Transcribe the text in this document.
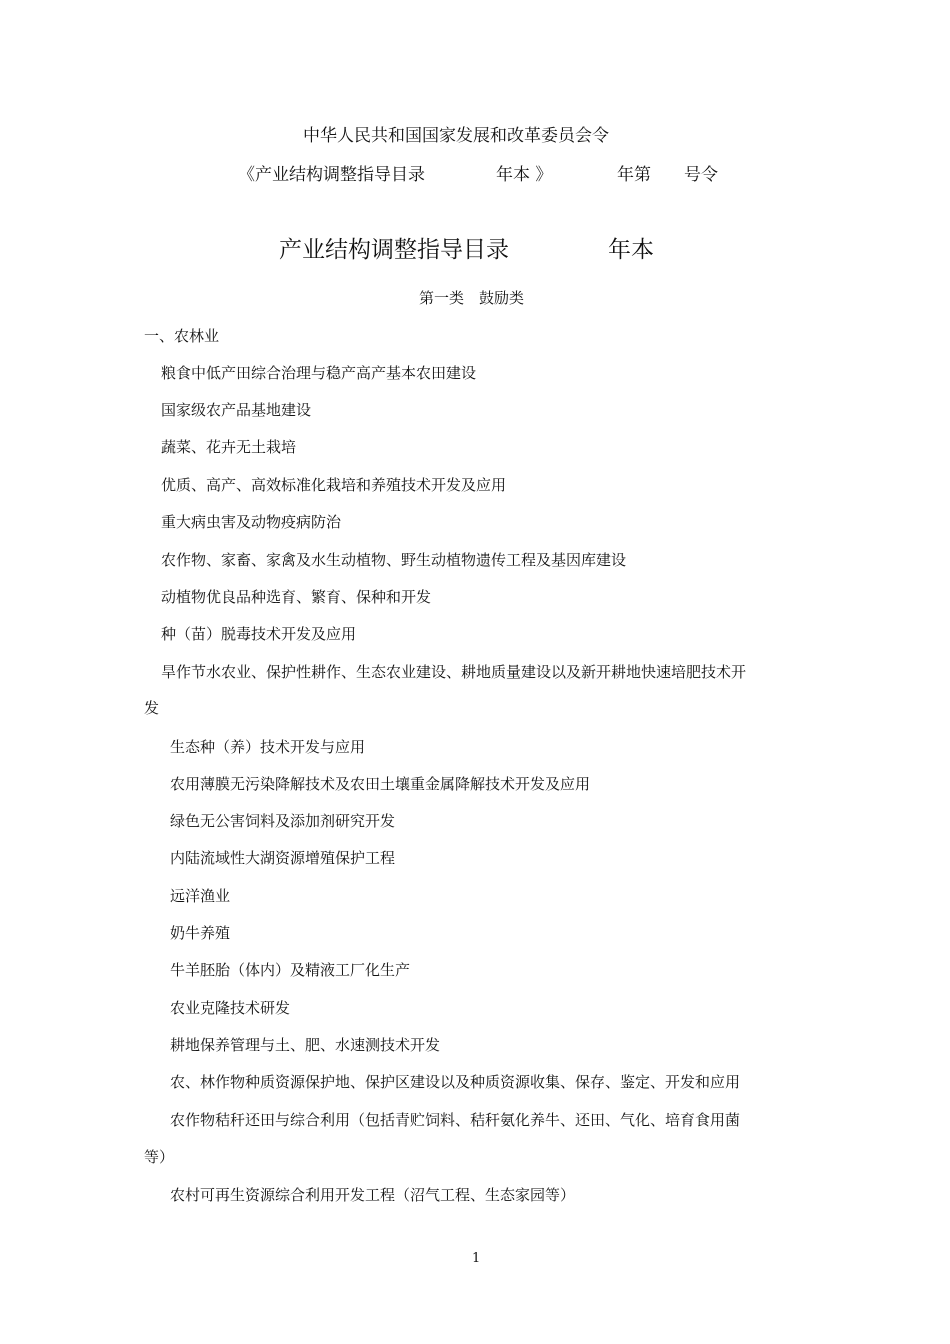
中华人民共和国国家发展和改革委员会令
《产业结构调整指导目录	年本 》	年第 号令
产业结构调整指导目录	年本
第一类　鼓励类
一、农林业
粮食中低产田综合治理与稳产高产基本农田建设
国家级农产品基地建设
蔬菜、花卉无土栽培
优质、高产、高效标准化栽培和养殖技术开发及应用
重大病虫害及动物疫病防治
农作物、家畜、家禽及水生动植物、野生动植物遗传工程及基因库建设
动植物优良品种选育、繁育、保种和开发
种（苗）脱毒技术开发及应用
旱作节水农业、保护性耕作、生态农业建设、耕地质量建设以及新开耕地快速培肥技术开
发
生态种（养）技术开发与应用
农用薄膜无污染降解技术及农田土壤重金属降解技术开发及应用
绿色无公害饲料及添加剂研究开发
内陆流域性大湖资源增殖保护工程
远洋渔业
奶牛养殖
牛羊胚胎（体内）及精液工厂化生产
农业克隆技术研发
耕地保养管理与土、肥、水速测技术开发
农、林作物种质资源保护地、保护区建设以及种质资源收集、保存、鉴定、开发和应用
农作物秸秆还田与综合利用（包括青贮饲料、秸秆氨化养牛、还田、气化、培育食用菌
等）
农村可再生资源综合利用开发工程（沼气工程、生态家园等）
1
